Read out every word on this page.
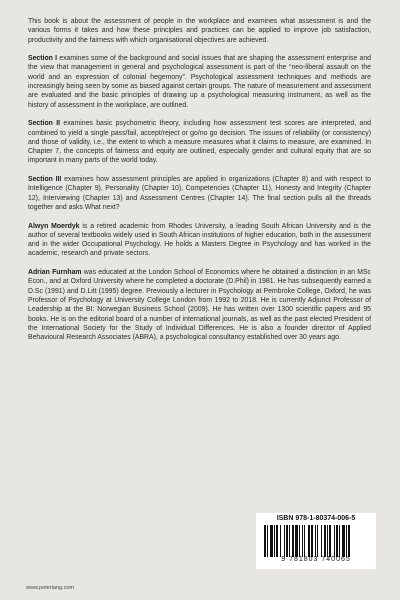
This book is about the assessment of people in the workplace and examines what assessment is and the various forms it takes and how these principles and practices can be applied to improve job satisfaction, productivity and the fairness with which organisational objectives are achieved.

Section I examines some of the background and social issues that are shaping the assessment enterprise and the view that management in general and psychological assessment is part of the “neo-liberal assault on the world and an expression of colonial hegemony”. Psychological assessment techniques and methods are increasingly being seen by some as biased against certain groups. The nature of measurement and assessment are evaluated and the basic principles of drawing up a psychological measuring instrument, as well as the history of assessment in the workplace, are outlined.

Section II examines basic psychometric theory, including how assessment test scores are interpreted, and combined to yield a single pass/fail, accept/reject or go/no go decision. The issues of reliability (or consistency) and those of validity, i.e., the extent to which a measure measures what it claims to measure, are examined. In Chapter 7, the concepts of fairness and equity are outlined, especially gender and cultural equity that are so important in many parts of the world today.

Section III examines how assessment principles are applied in organizations (Chapter 8) and with respect to Intelligence (Chapter 9), Personality (Chapter 10), Competencies (Chapter 11), Honesty and Integrity (Chapter 12), Interviewing (Chapter 13) and Assessment Centres (Chapter 14). The final section pulls all the threads together and asks What next?

Alwyn Moerdyk is a retired academic from Rhodes University, a leading South African University and is the author of several textbooks widely used in South African institutions of higher education, both in the assessment and in the wider Occupational Psychology. He holds a Masters Degree in Psychology and has worked in the academic, research and private sectors.

Adrian Furnham was educated at the London School of Economics where he obtained a distinction in an MSc Econ., and at Oxford University where he completed a doctorate (D.Phil) in 1981. He has subsequently earned a D.Sc (1991) and D.Litt (1995) degree. Previously a lecturer in Psychology at Pembroke College, Oxford, he was Professor of Psychology at University College London from 1992 to 2018. He is currently Adjunct Professor of Leadership at the BI: Norwegian Business School (2009). He has written over 1300 scientific papers and 95 books. He is on the editorial board of a number of international journals, as well as the past elected President of the International Society for the Study of Individual Differences. He is also a founder director of Applied Behavioural Research Associates (ABRA), a psychological consultancy established over 30 years ago.

ISBN 978-1-80374-006-5
9 781803 740065
www.peterlang.com
